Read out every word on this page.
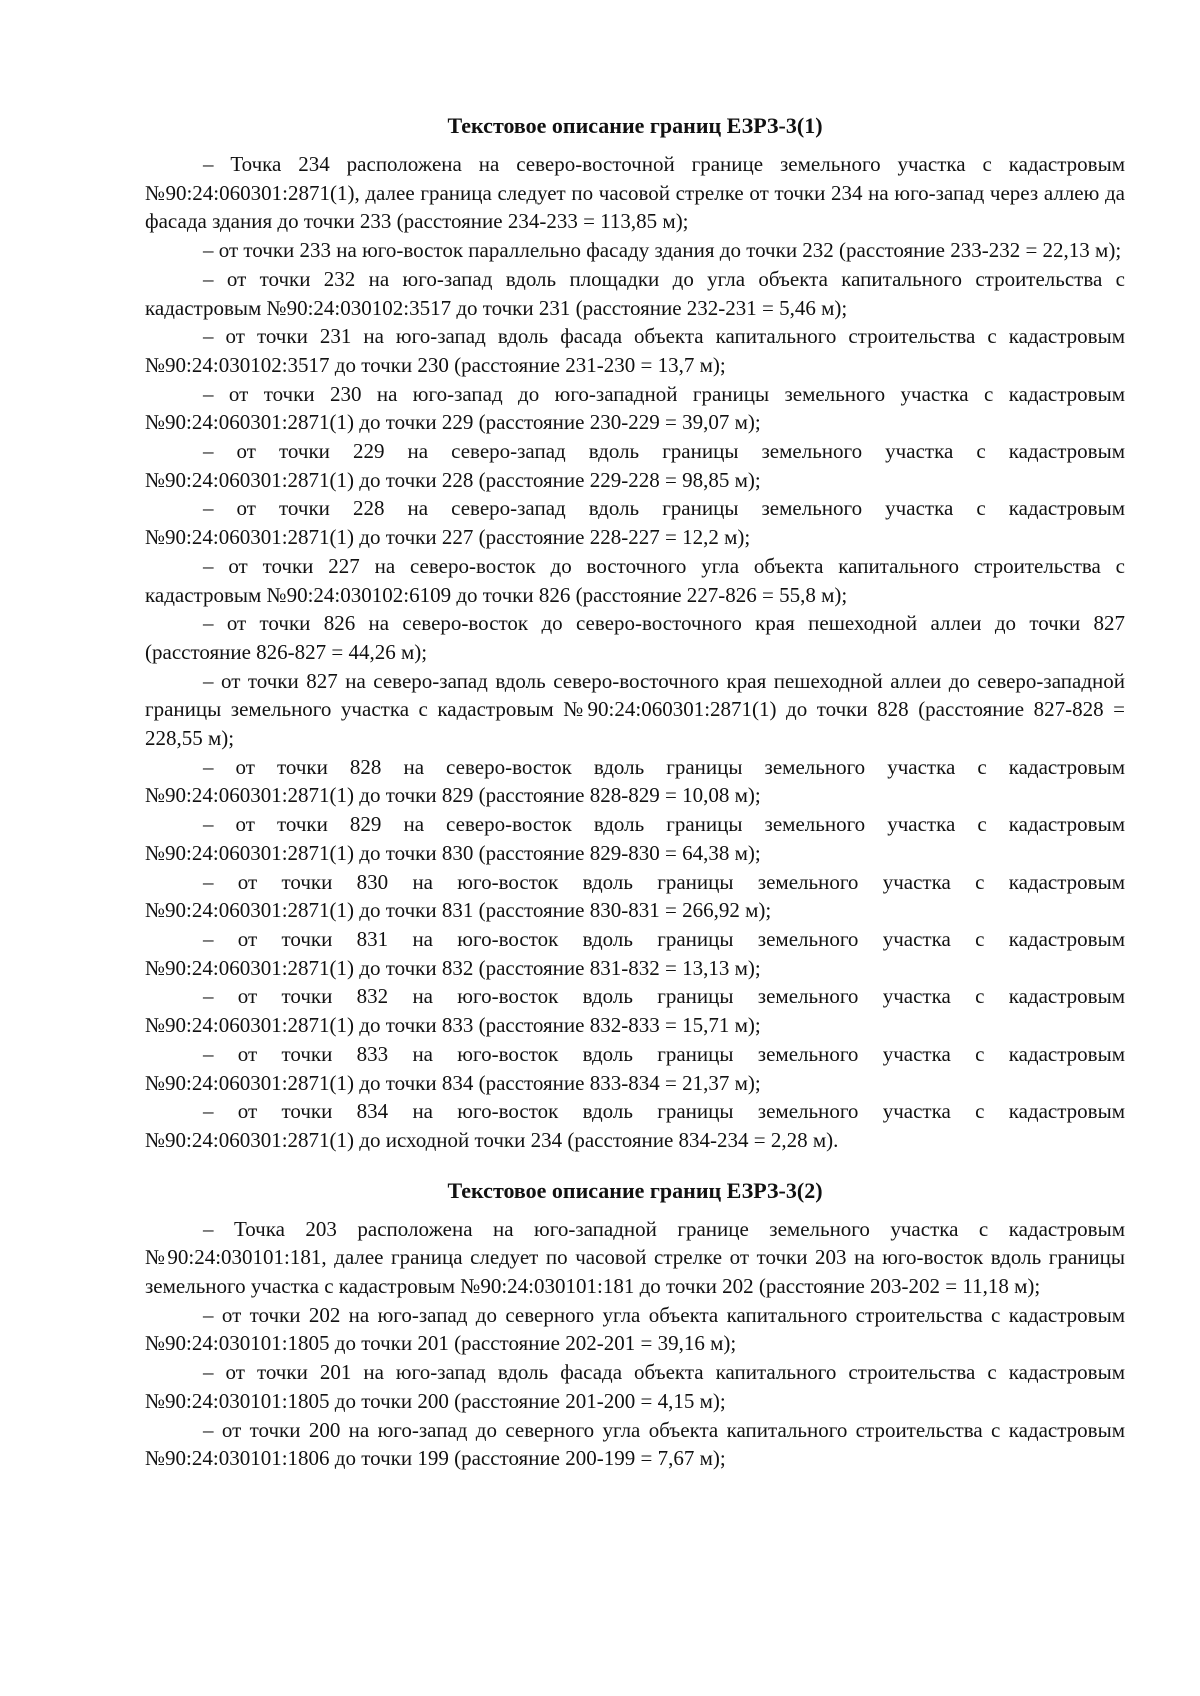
Текстовое описание границ ЕЗРЗ-3(1)

– Точка 234 расположена на северо-восточной границе земельного участка с кадастровым №90:24:060301:2871(1), далее граница следует по часовой стрелке от точки 234 на юго-запад через аллею да фасада здания до точки 233 (расстояние 234-233 = 113,85 м);

– от точки 233 на юго-восток параллельно фасаду здания до точки 232 (расстояние 233-232 = 22,13 м);

– от точки 232 на юго-запад вдоль площадки до угла объекта капитального строительства с кадастровым №90:24:030102:3517 до точки 231 (расстояние 232-231 = 5,46 м);

– от точки 231 на юго-запад вдоль фасада объекта капитального строительства с кадастровым №90:24:030102:3517 до точки 230 (расстояние 231-230 = 13,7 м);

– от точки 230 на юго-запад до юго-западной границы земельного участка с кадастровым №90:24:060301:2871(1) до точки 229 (расстояние 230-229 = 39,07 м);

– от точки 229 на северо-запад вдоль границы земельного участка с кадастровым №90:24:060301:2871(1) до точки 228 (расстояние 229-228 = 98,85 м);

– от точки 228 на северо-запад вдоль границы земельного участка с кадастровым №90:24:060301:2871(1) до точки 227 (расстояние 228-227 = 12,2 м);

– от точки 227 на северо-восток до восточного угла объекта капитального строительства с кадастровым №90:24:030102:6109 до точки 826 (расстояние 227-826 = 55,8 м);

– от точки 826 на северо-восток до северо-восточного края пешеходной аллеи до точки 827 (расстояние 826-827 = 44,26 м);

– от точки 827 на северо-запад вдоль северо-восточного края пешеходной аллеи до северо-западной границы земельного участка с кадастровым №90:24:060301:2871(1) до точки 828 (расстояние 827-828 = 228,55 м);

– от точки 828 на северо-восток вдоль границы земельного участка с кадастровым №90:24:060301:2871(1) до точки 829 (расстояние 828-829 = 10,08 м);

– от точки 829 на северо-восток вдоль границы земельного участка с кадастровым №90:24:060301:2871(1) до точки 830 (расстояние 829-830 = 64,38 м);

– от точки 830 на юго-восток вдоль границы земельного участка с кадастровым №90:24:060301:2871(1) до точки 831 (расстояние 830-831 = 266,92 м);

– от точки 831 на юго-восток вдоль границы земельного участка с кадастровым №90:24:060301:2871(1) до точки 832 (расстояние 831-832 = 13,13 м);

– от точки 832 на юго-восток вдоль границы земельного участка с кадастровым №90:24:060301:2871(1) до точки 833 (расстояние 832-833 = 15,71 м);

– от точки 833 на юго-восток вдоль границы земельного участка с кадастровым №90:24:060301:2871(1) до точки 834 (расстояние 833-834 = 21,37 м);

– от точки 834 на юго-восток вдоль границы земельного участка с кадастровым №90:24:060301:2871(1) до исходной точки 234 (расстояние 834-234 = 2,28 м).

Текстовое описание границ ЕЗРЗ-3(2)

– Точка 203 расположена на юго-западной границе земельного участка с кадастровым №90:24:030101:181, далее граница следует по часовой стрелке от точки 203 на юго-восток вдоль границы земельного участка с кадастровым №90:24:030101:181 до точки 202 (расстояние 203-202 = 11,18 м);

– от точки 202 на юго-запад до северного угла объекта капитального строительства с кадастровым №90:24:030101:1805 до точки 201 (расстояние 202-201 = 39,16 м);

– от точки 201 на юго-запад вдоль фасада объекта капитального строительства с кадастровым №90:24:030101:1805 до точки 200 (расстояние 201-200 = 4,15 м);

– от точки 200 на юго-запад до северного угла объекта капитального строительства с кадастровым №90:24:030101:1806 до точки 199 (расстояние 200-199 = 7,67 м);
